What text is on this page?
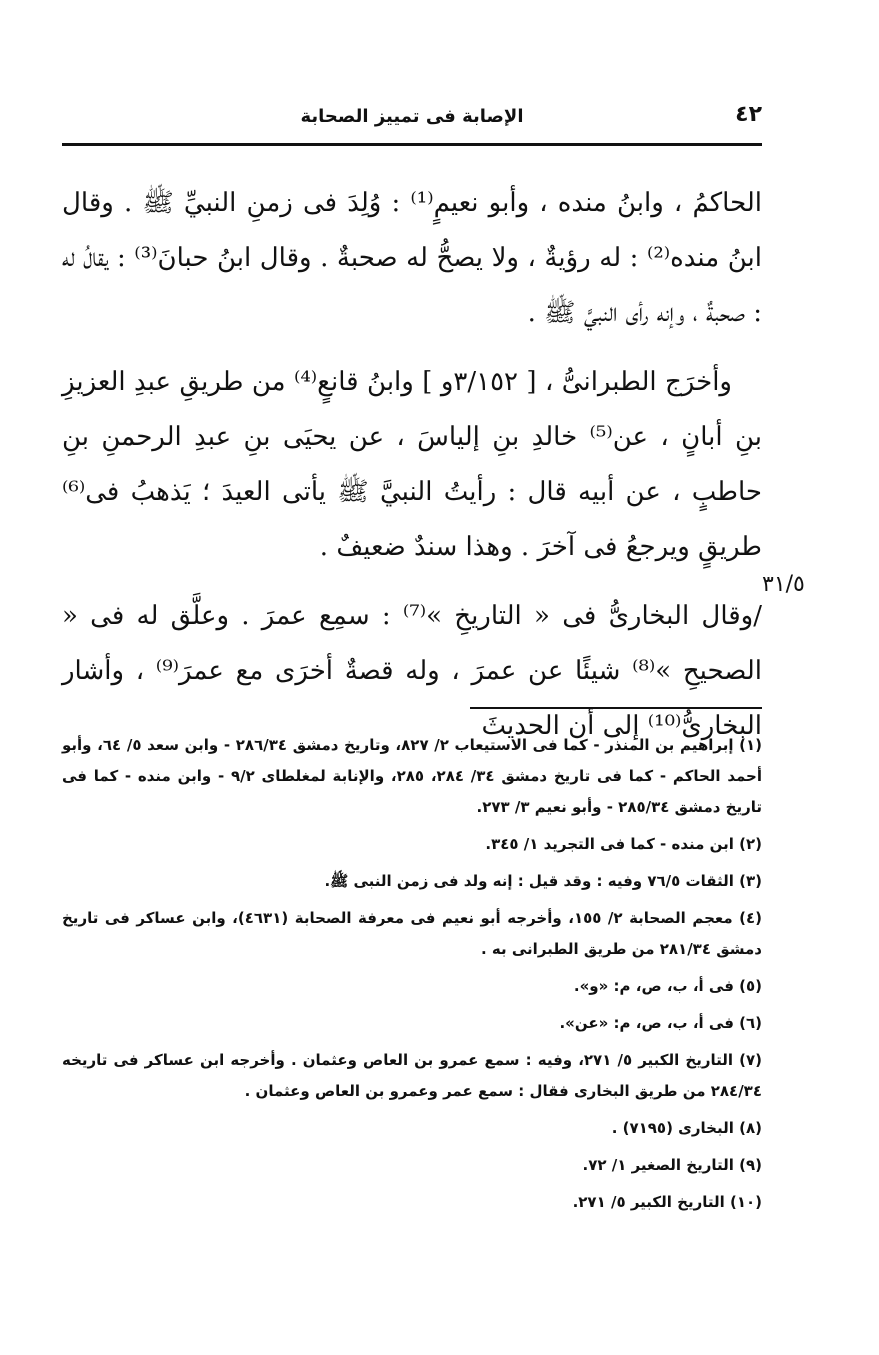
٤٢
الإصابة فى تمييز الصحابة

الحاكمُ ، وابنُ منده ، وأبو نعيمٍ⁽¹⁾ : وُلِدَ فى زمنِ النبيِّ ﷺ . وقال ابنُ منده⁽²⁾ : له رؤيةٌ ، ولا يصحُّ له صحبةٌ . وقال ابنُ حبانَ⁽³⁾ : يقالُ له : صحبةٌ ، وإنه رأى النبيَّ ﷺ .

وأخرَج الطبرانىُّ ، [ ٣/١٥٢و ] وابنُ قانعٍ⁽⁴⁾ من طريقِ عبدِ العزيزِ بنِ أبانٍ ، عن⁽⁵⁾ خالدِ بنِ إلياسَ ، عن يحيَى بنِ عبدِ الرحمنِ بنِ حاطبٍ ، عن أبيه قال : رأيتُ النبيَّ ﷺ يأتى العيدَ ؛ يَذهبُ فى⁽⁶⁾ طريقٍ ويرجعُ فى آخرَ . وهذا سندٌ ضعيفٌ .

/وقال البخارىُّ فى « التاريخِ »⁽⁷⁾ : سمِع عمرَ . وعلَّق له فى « الصحيحِ »⁽⁸⁾ شيئًا عن عمرَ ، وله قصةٌ أخرَى مع عمرَ⁽⁹⁾ ، وأشار البخارىُّ⁽¹⁰⁾ إلى أن الحديثَ

٣١/٥

(١) إبراهيم بن المنذر - كما فى الاستيعاب ٢/ ٨٢٧، وتاريخ دمشق ٢٨٦/٣٤ - وابن سعد ٥/ ٦٤، وأبو أحمد الحاكم - كما فى تاريخ دمشق ٣٤/ ٢٨٤، ٢٨٥، والإنابة لمغلطاى ٩/٢ - وابن منده - كما فى تاريخ دمشق ٢٨٥/٣٤ - وأبو نعيم ٣/ ٢٧٣.

(٢) ابن منده - كما فى التجريد ١/ ٣٤٥.

(٣) الثقات ٧٦/٥ وفيه : وقد قيل : إنه ولد فى زمن النبى ﷺ.

(٤) معجم الصحابة ٢/ ١٥٥، وأخرجه أبو نعيم فى معرفة الصحابة (٤٦٣١)، وابن عساكر فى تاريخ دمشق ٢٨١/٣٤ من طريق الطبرانى به .

(٥) فى أ، ب، ص، م: «و».

(٦) فى أ، ب، ص، م: «عن».

(٧) التاريخ الكبير ٥/ ٢٧١، وفيه : سمع عمرو بن العاص وعثمان . وأخرجه ابن عساكر فى تاريخه ٢٨٤/٣٤ من طريق البخارى فقال : سمع عمر وعمرو بن العاص وعثمان .

(٨) البخارى (٧١٩٥) .

(٩) التاريخ الصغير ١/ ٧٢.

(١٠) التاريخ الكبير ٥/ ٢٧١.
